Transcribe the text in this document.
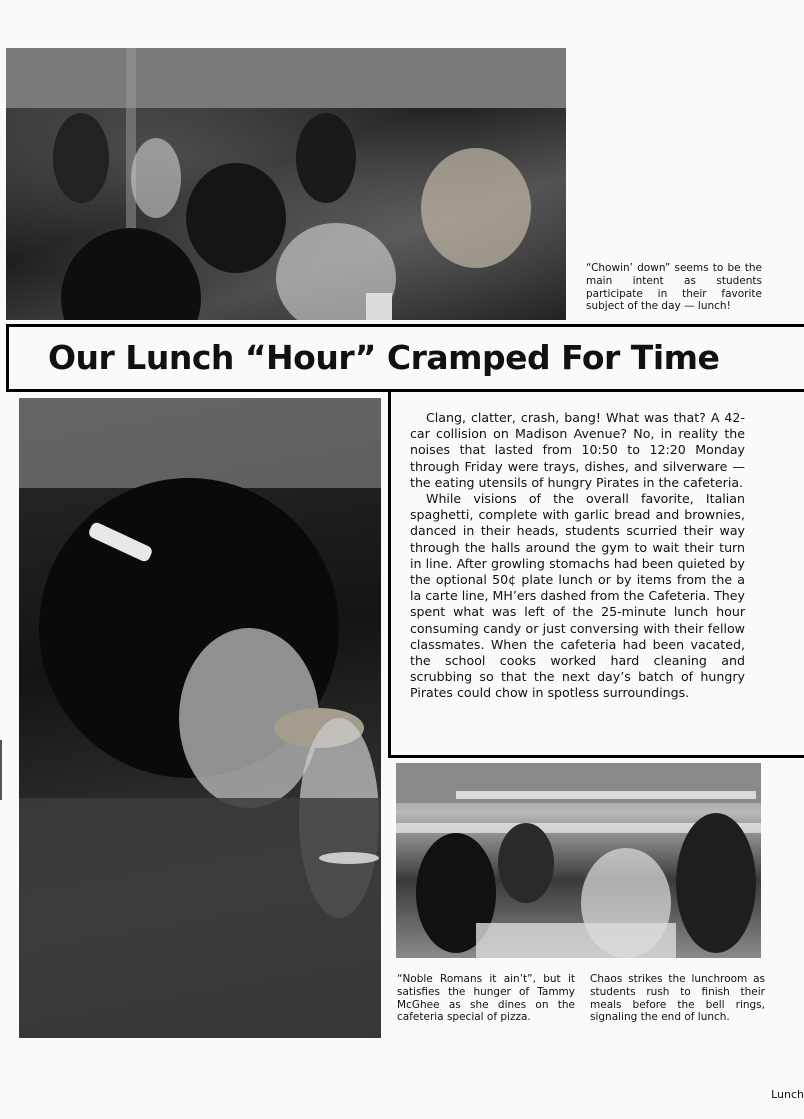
“Chowin’ down” seems to be the main intent as students participate in their favorite subject of the day — lunch!
Our Lunch “Hour” Cramped For Time

Clang, clatter, crash, bang! What was that? A 42-car collision on Madison Avenue? No, in reality the noises that lasted from 10:50 to 12:20 Monday through Friday were trays, dishes, and silverware — the eating utensils of hungry Pirates in the cafeteria.

While visions of the overall favorite, Italian spaghetti, complete with garlic bread and brownies, danced in their heads, students scurried their way through the halls around the gym to wait their turn in line. After growling stomachs had been quieted by the optional 50¢ plate lunch or by items from the a la carte line, MH’ers dashed from the Cafeteria. They spent what was left of the 25-minute lunch hour consuming candy or just conversing with their fellow classmates. When the cafeteria had been vacated, the school cooks worked hard cleaning and scrubbing so that the next day’s batch of hungry Pirates could chow in spotless surroundings.

“Noble Romans it ain’t”, but it satisfies the hunger of Tammy McGhee as she dines on the cafeteria special of pizza.
Chaos strikes the lunchroom as students rush to finish their meals before the bell rings, signaling the end of lunch.
Lunch
